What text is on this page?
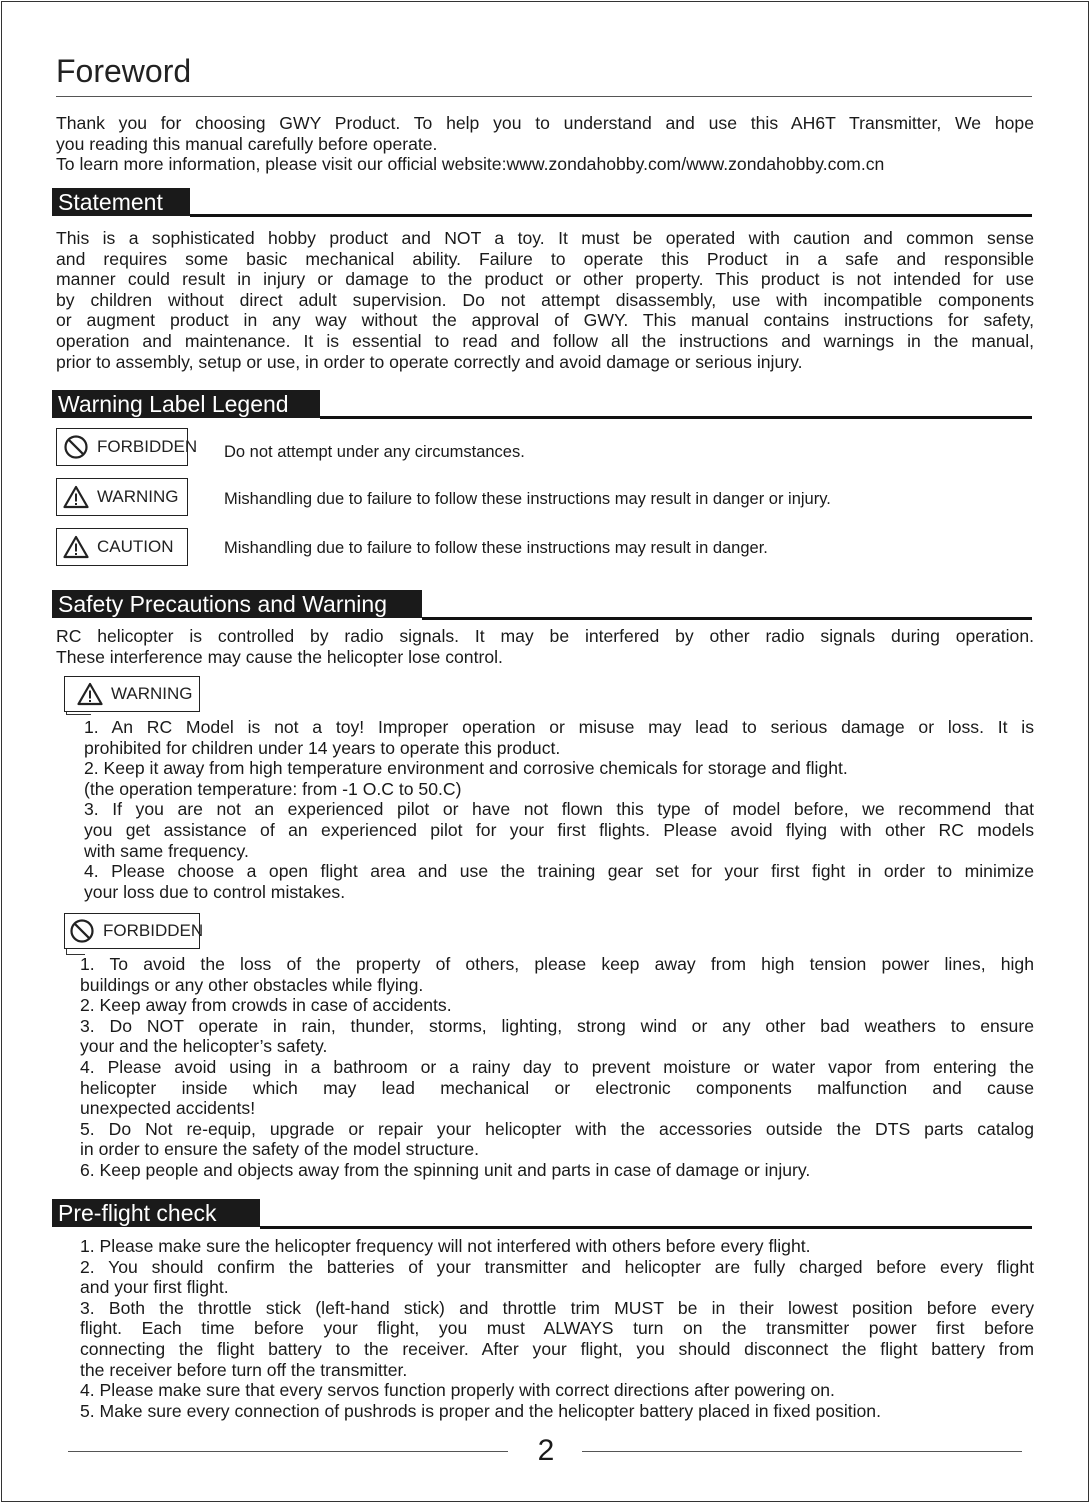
Foreword
Thank you for choosing GWY Product. To help you to understand and use this AH6T Transmitter, We hope
you reading this manual carefully before operate.
To learn more information, please visit our official website:www.zondahobby.com/www.zondahobby.com.cn
Statement
This is a sophisticated hobby product and NOT a toy. It must be operated with caution and common sense
and requires some basic mechanical ability. Failure to operate this Product in a safe and responsible
manner could result in injury or damage to the product or other property. This product is not intended for use
by children without direct adult supervision. Do not attempt disassembly, use with incompatible components
or augment product in any way without the approval of GWY. This manual contains instructions for safety,
operation and maintenance. It is essential to read and follow all the instructions and warnings in the manual,
prior to assembly, setup or use, in order to operate correctly and avoid damage or serious injury.
Warning Label Legend
FORBIDDEN Do not attempt under any circumstances.
WARNING	Mishandling due to failure to follow these instructions may result in danger or injury.
CAUTION	Mishandling due to failure to follow these instructions may result in danger.
Safety Precautions and Warning
RC helicopter is controlled by radio signals. It may be interfered by other radio signals during operation.
These interference may cause the helicopter lose control.
WARNING
1. An RC Model is not a toy! Improper operation or misuse may lead to serious damage or loss. It is
prohibited for children under 14 years to operate this product.
2. Keep it away from high temperature environment and corrosive chemicals for storage and flight.
(the operation temperature: from -1 O.C to 50.C)
3. If you are not an experienced pilot or have not flown this type of model before, we recommend that
you get assistance of an experienced pilot for your first flights. Please avoid flying with other RC models
with same frequency.
4. Please choose a open flight area and use the training gear set for your first fight in order to minimize
your loss due to control mistakes.
FORBIDDEN
1. To avoid the loss of the property of others, please keep away from high tension power lines, high
buildings or any other obstacles while flying.
2. Keep away from crowds in case of accidents.
3. Do NOT operate in rain, thunder, storms, lighting, strong wind or any other bad weathers to ensure
your and the helicopter’s safety.
4. Please avoid using in a bathroom or a rainy day to prevent moisture or water vapor from entering the
helicopter inside which may lead mechanical or electronic components malfunction and cause
unexpected accidents!
5. Do Not re-equip, upgrade or repair your helicopter with the accessories outside the DTS parts catalog
in order to ensure the safety of the model structure.
6. Keep people and objects away from the spinning unit and parts in case of damage or injury.
Pre-flight check
1. Please make sure the helicopter frequency will not interfered with others before every flight.
2. You should confirm the batteries of your transmitter and helicopter are fully charged before every flight
and your first flight.
3. Both the throttle stick (left-hand stick) and throttle trim MUST be in their lowest position before every
flight. Each time before your flight, you must ALWAYS turn on the transmitter power first before
connecting the flight battery to the receiver. After your flight, you should disconnect the flight battery from
the receiver before turn off the transmitter.
4. Please make sure that every servos function properly with correct directions after powering on.
5. Make sure every connection of pushrods is proper and the helicopter battery placed in fixed position.
2
